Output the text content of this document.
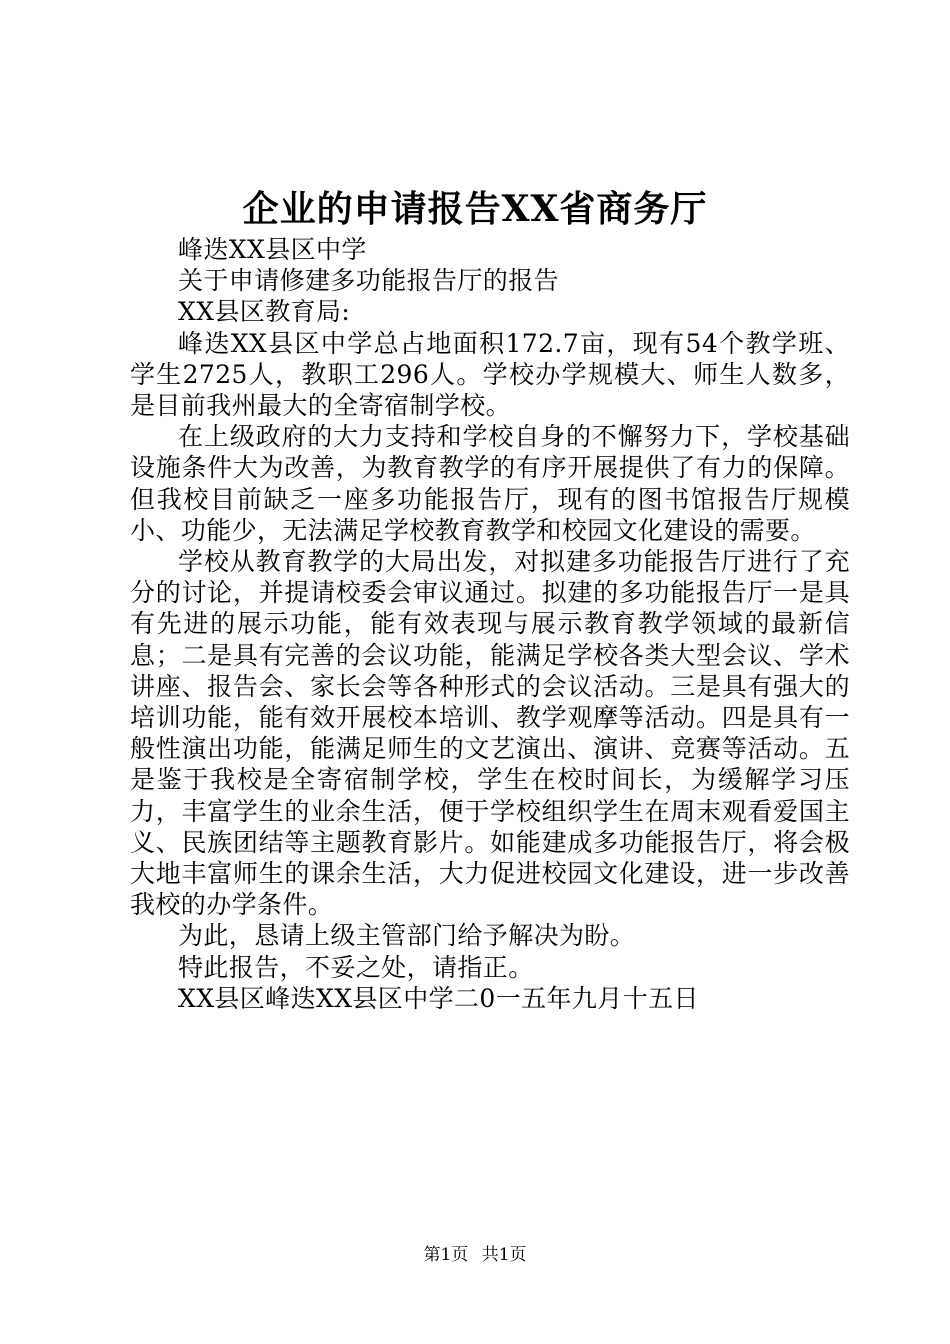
企业的申请报告XX省商务厅

峰迭XX县区中学

关于申请修建多功能报告厅的报告

XX县区教育局:

峰迭XX县区中学总占地面积172.7亩，现有54个教学班、学生2725人，教职工296人。学校办学规模大、师生人数多，是目前我州最大的全寄宿制学校。

在上级政府的大力支持和学校自身的不懈努力下，学校基础设施条件大为改善，为教育教学的有序开展提供了有力的保障。但我校目前缺乏一座多功能报告厅，现有的图书馆报告厅规模小、功能少，无法满足学校教育教学和校园文化建设的需要。

学校从教育教学的大局出发，对拟建多功能报告厅进行了充分的讨论，并提请校委会审议通过。拟建的多功能报告厅一是具有先进的展示功能，能有效表现与展示教育教学领域的最新信息；二是具有完善的会议功能，能满足学校各类大型会议、学术讲座、报告会、家长会等各种形式的会议活动。三是具有强大的培训功能，能有效开展校本培训、教学观摩等活动。四是具有一般性演出功能，能满足师生的文艺演出、演讲、竞赛等活动。五是鉴于我校是全寄宿制学校，学生在校时间长，为缓解学习压力，丰富学生的业余生活，便于学校组织学生在周末观看爱国主义、民族团结等主题教育影片。如能建成多功能报告厅，将会极大地丰富师生的课余生活，大力促进校园文化建设，进一步改善我校的办学条件。

为此，恳请上级主管部门给予解决为盼。

特此报告，不妥之处，请指正。

XX县区峰迭XX县区中学二0一五年九月十五日

第1页 共1页
